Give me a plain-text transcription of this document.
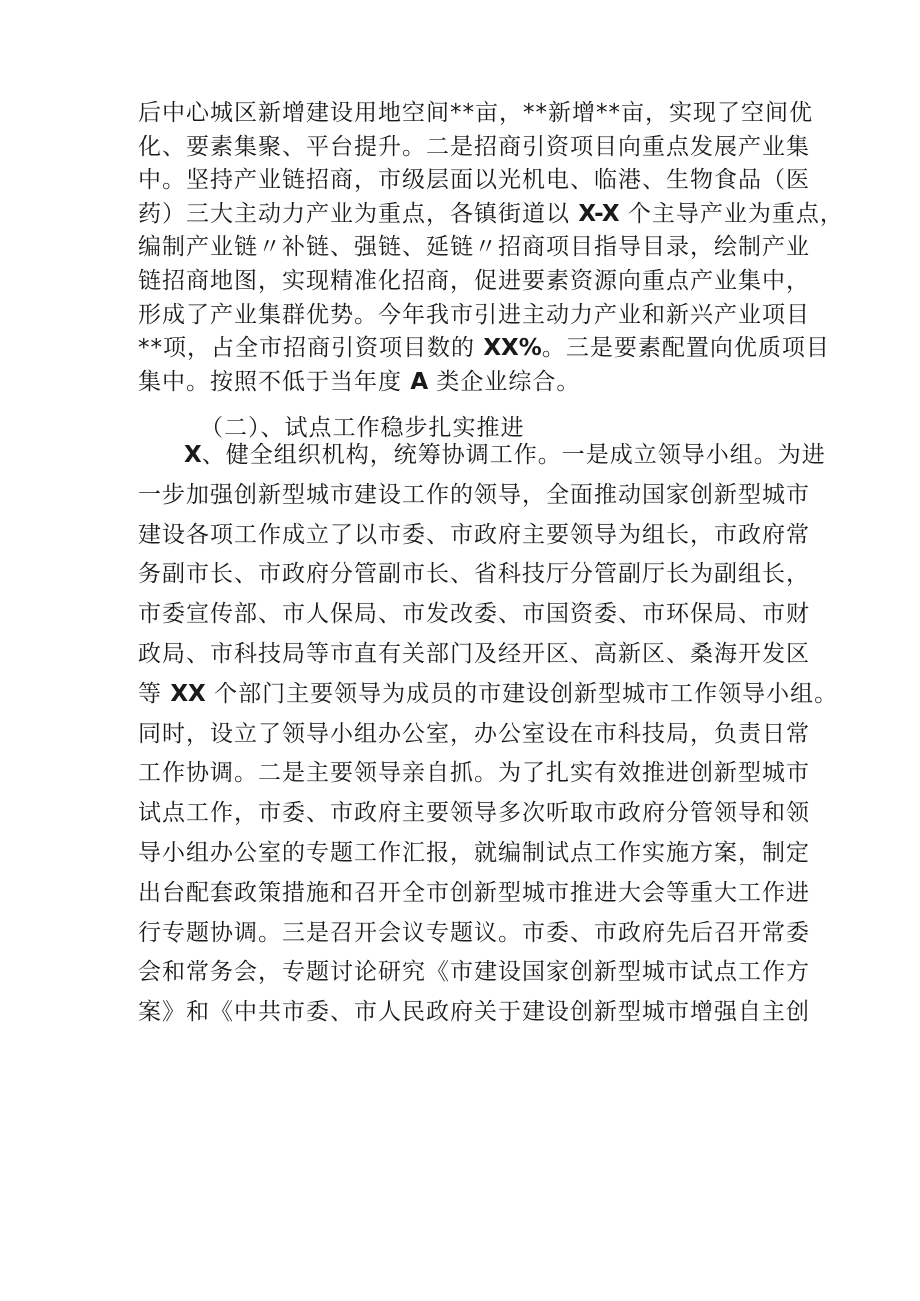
后中心城区新增建设用地空间**亩，**新增**亩，实现了空间优
化、要素集聚、平台提升。二是招商引资项目向重点发展产业集
中。坚持产业链招商，市级层面以光机电、临港、生物食品（医
药）三大主动力产业为重点，各镇街道以 X-X 个主导产业为重点，
编制产业链〃补链、强链、延链〃招商项目指导目录，绘制产业
链招商地图，实现精准化招商，促进要素资源向重点产业集中，
形成了产业集群优势。今年我市引进主动力产业和新兴产业项目
**项，占全市招商引资项目数的 XX%。三是要素配置向优质项目
集中。按照不低于当年度 A 类企业综合。
（二）、试点工作稳步扎实推进
X、健全组织机构，统筹协调工作。一是成立领导小组。为进
一步加强创新型城市建设工作的领导，全面推动国家创新型城市
建设各项工作成立了以市委、市政府主要领导为组长，市政府常
务副市长、市政府分管副市长、省科技厅分管副厅长为副组长，
市委宣传部、市人保局、市发改委、市国资委、市环保局、市财
政局、市科技局等市直有关部门及经开区、高新区、桑海开发区
等 XX 个部门主要领导为成员的市建设创新型城市工作领导小组。
同时，设立了领导小组办公室，办公室设在市科技局，负责日常
工作协调。二是主要领导亲自抓。为了扎实有效推进创新型城市
试点工作，市委、市政府主要领导多次听取市政府分管领导和领
导小组办公室的专题工作汇报，就编制试点工作实施方案，制定
出台配套政策措施和召开全市创新型城市推进大会等重大工作进
行专题协调。三是召开会议专题议。市委、市政府先后召开常委
会和常务会，专题讨论研究《市建设国家创新型城市试点工作方
案》和《中共市委、市人民政府关于建设创新型城市增强自主创
